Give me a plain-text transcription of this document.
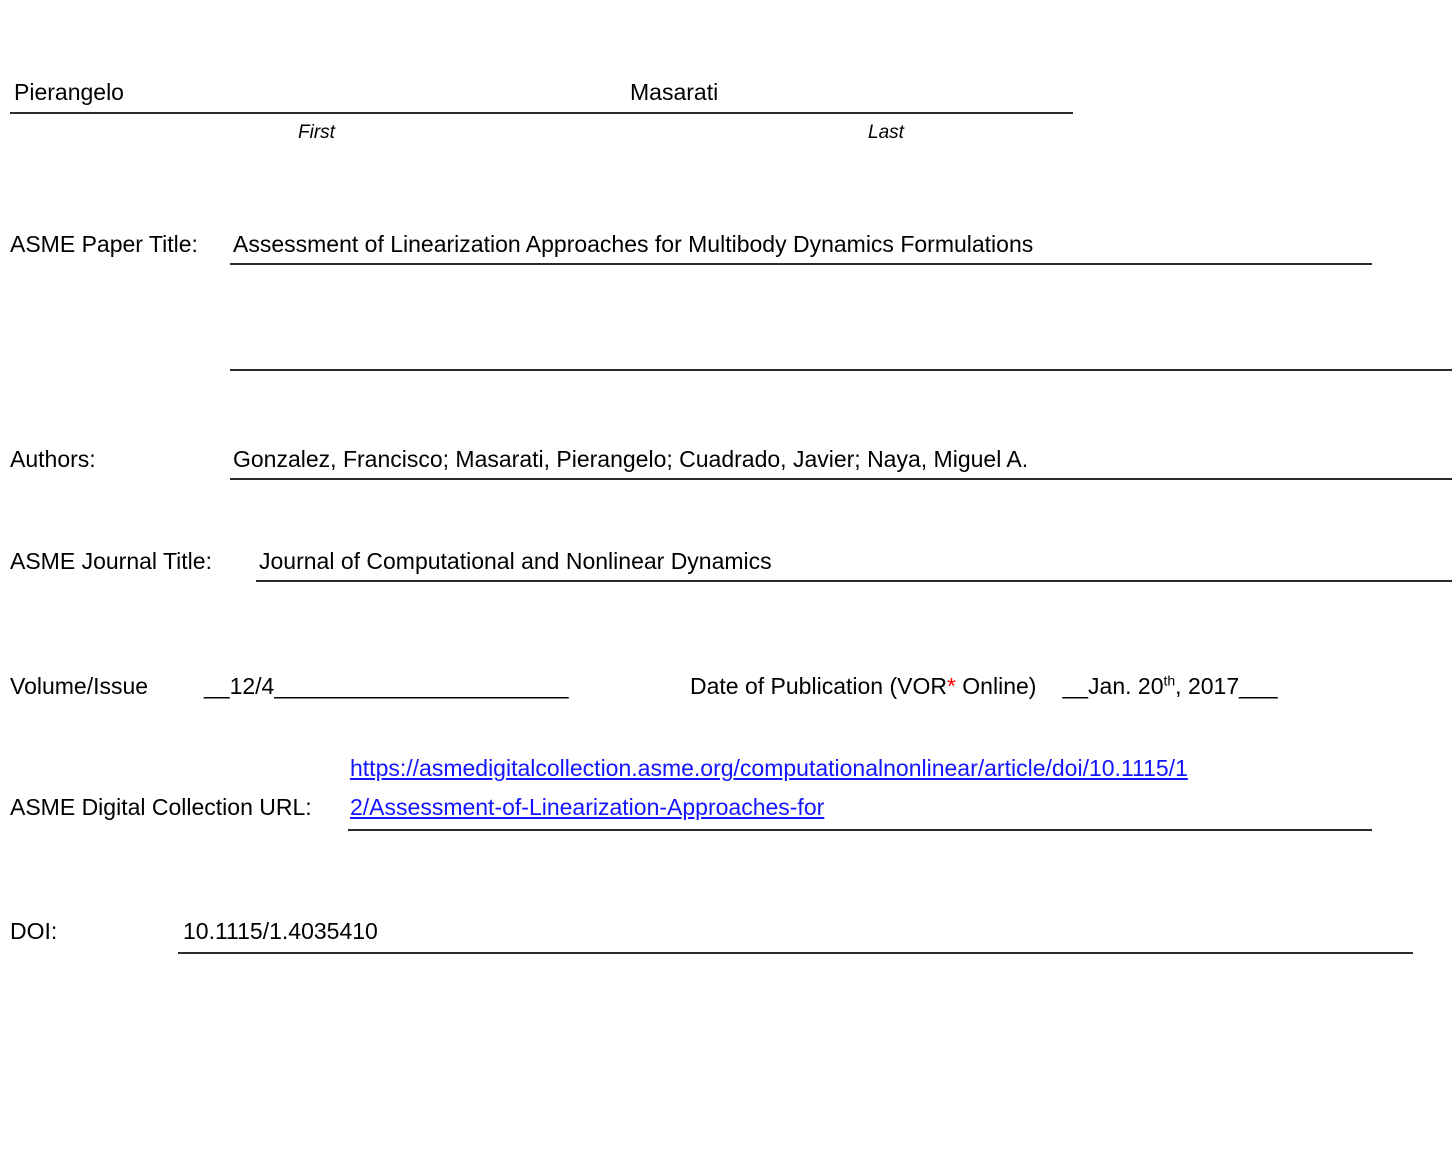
Pierangelo	Masarati
First	Last
ASME Paper Title: Assessment of Linearization Approaches for Multibody Dynamics Formulations
Authors:	Gonzalez, Francisco; Masarati, Pierangelo; Cuadrado, Javier; Naya, Miguel A.
ASME Journal Title: Journal of Computational and Nonlinear Dynamics
Volume/Issue __12/4_______________________	Date of Publication (VOR* Online) __Jan. 20th, 2017___
https://asmedigitalcollection.asme.org/computationalnonlinear/article/doi/10.1115/1
ASME Digital Collection URL: 2/Assessment-of-Linearization-Approaches-for
DOI:	10.1115/1.4035410
